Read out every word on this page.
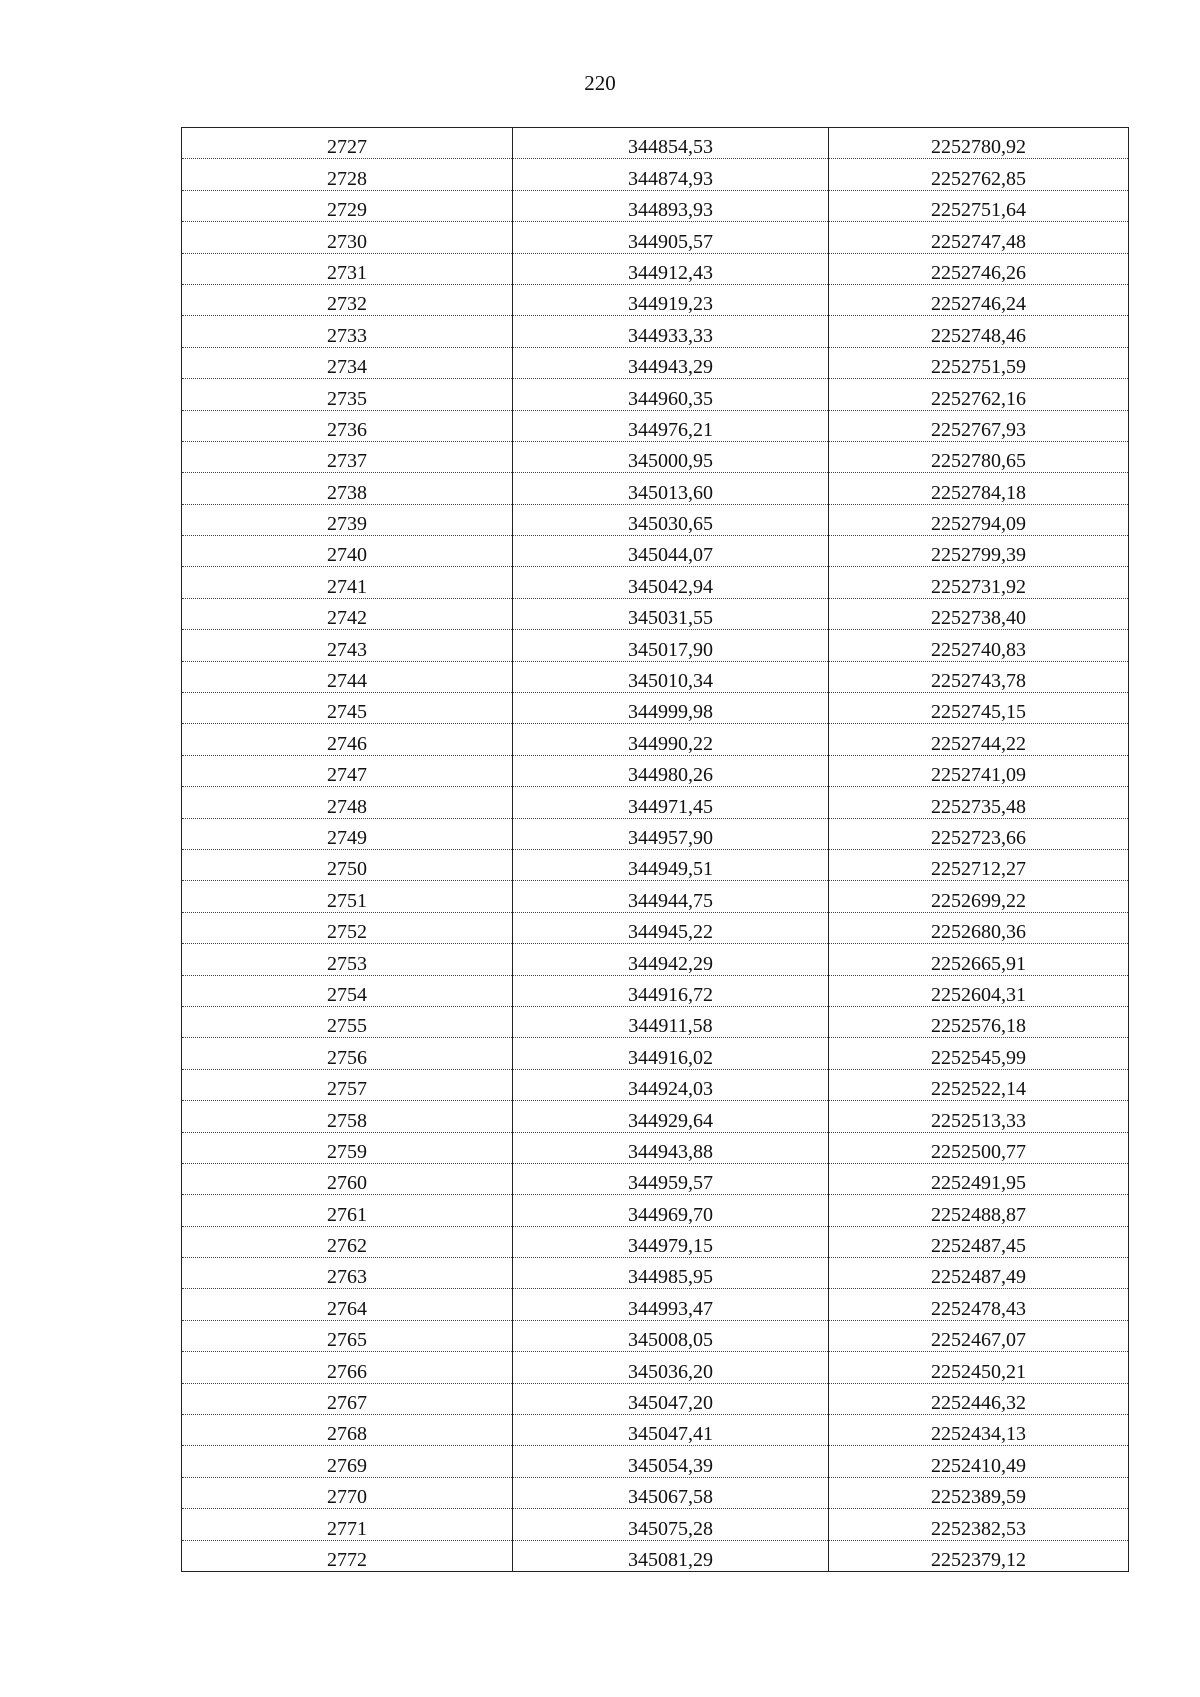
220
2727	344854,53	2252780,92
2728	344874,93	2252762,85
2729	344893,93	2252751,64
2730	344905,57	2252747,48
2731	344912,43	2252746,26
2732	344919,23	2252746,24
2733	344933,33	2252748,46
2734	344943,29	2252751,59
2735	344960,35	2252762,16
2736	344976,21	2252767,93
2737	345000,95	2252780,65
2738	345013,60	2252784,18
2739	345030,65	2252794,09
2740	345044,07	2252799,39
2741	345042,94	2252731,92
2742	345031,55	2252738,40
2743	345017,90	2252740,83
2744	345010,34	2252743,78
2745	344999,98	2252745,15
2746	344990,22	2252744,22
2747	344980,26	2252741,09
2748	344971,45	2252735,48
2749	344957,90	2252723,66
2750	344949,51	2252712,27
2751	344944,75	2252699,22
2752	344945,22	2252680,36
2753	344942,29	2252665,91
2754	344916,72	2252604,31
2755	344911,58	2252576,18
2756	344916,02	2252545,99
2757	344924,03	2252522,14
2758	344929,64	2252513,33
2759	344943,88	2252500,77
2760	344959,57	2252491,95
2761	344969,70	2252488,87
2762	344979,15	2252487,45
2763	344985,95	2252487,49
2764	344993,47	2252478,43
2765	345008,05	2252467,07
2766	345036,20	2252450,21
2767	345047,20	2252446,32
2768	345047,41	2252434,13
2769	345054,39	2252410,49
2770	345067,58	2252389,59
2771	345075,28	2252382,53
2772	345081,29	2252379,12
